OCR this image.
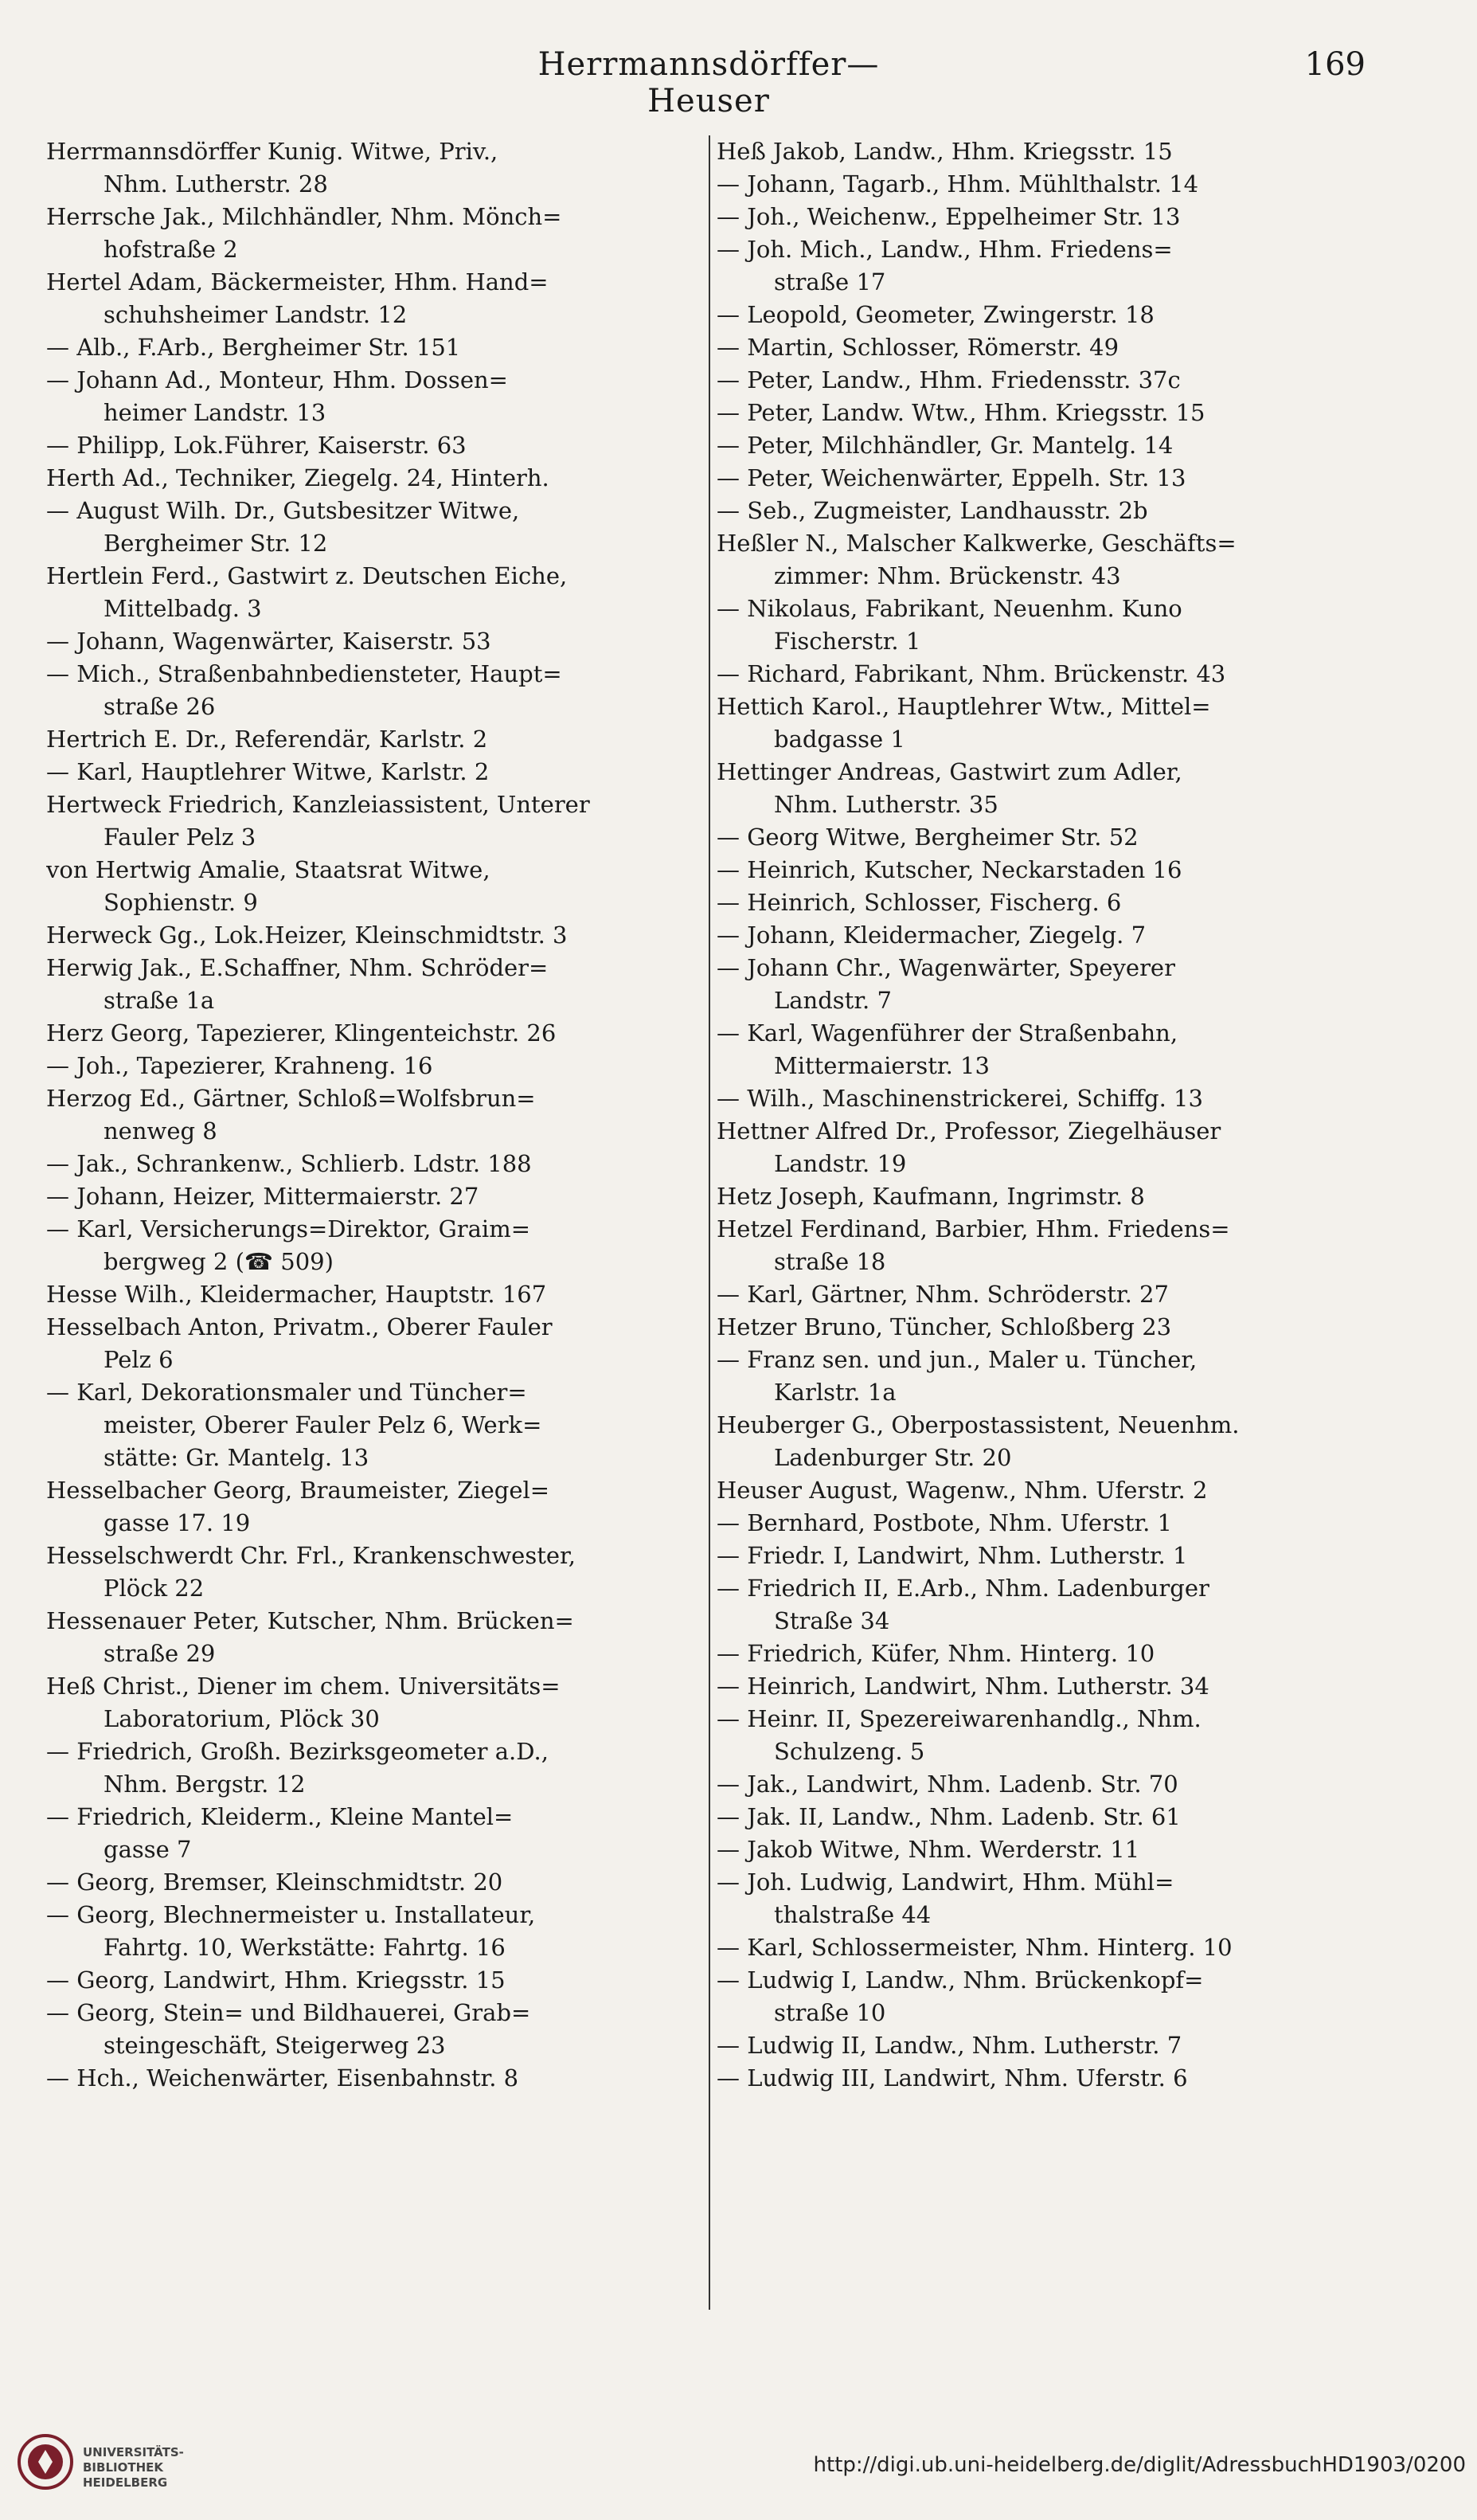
Herrmannsdörffer—Heuser
169
Herrmannsdörffer Kunig. Witwe, Priv.,
Nhm. Lutherstr. 28
Herrsche Jak., Milchhändler, Nhm. Mönch=
hofstraße 2
Hertel Adam, Bäckermeister, Hhm. Hand=
schuhsheimer Landstr. 12
— Alb., F.Arb., Bergheimer Str. 151
— Johann Ad., Monteur, Hhm. Dossen=
heimer Landstr. 13
— Philipp, Lok.Führer, Kaiserstr. 63
Herth Ad., Techniker, Ziegelg. 24, Hinterh.
— August Wilh. Dr., Gutsbesitzer Witwe,
Bergheimer Str. 12
Hertlein Ferd., Gastwirt z. Deutschen Eiche,
Mittelbadg. 3
— Johann, Wagenwärter, Kaiserstr. 53
— Mich., Straßenbahnbediensteter, Haupt=
straße 26
Hertrich E. Dr., Referendär, Karlstr. 2
— Karl, Hauptlehrer Witwe, Karlstr. 2
Hertweck Friedrich, Kanzleiassistent, Unterer
Fauler Pelz 3
von Hertwig Amalie, Staatsrat Witwe,
Sophienstr. 9
Herweck Gg., Lok.Heizer, Kleinschmidtstr. 3
Herwig Jak., E.Schaffner, Nhm. Schröder=
straße 1a
Herz Georg, Tapezierer, Klingenteichstr. 26
— Joh., Tapezierer, Krahneng. 16
Herzog Ed., Gärtner, Schloß=Wolfsbrun=
nenweg 8
— Jak., Schrankenw., Schlierb. Ldstr. 188
— Johann, Heizer, Mittermaierstr. 27
— Karl, Versicherungs=Direktor, Graim=
bergweg 2 (☎ 509)
Hesse Wilh., Kleidermacher, Hauptstr. 167
Hesselbach Anton, Privatm., Oberer Fauler
Pelz 6
— Karl, Dekorationsmaler und Tüncher=
meister, Oberer Fauler Pelz 6, Werk=
stätte: Gr. Mantelg. 13
Hesselbacher Georg, Braumeister, Ziegel=
gasse 17. 19
Hesselschwerdt Chr. Frl., Krankenschwester,
Plöck 22
Hessenauer Peter, Kutscher, Nhm. Brücken=
straße 29
Heß Christ., Diener im chem. Universitäts=
Laboratorium, Plöck 30
— Friedrich, Großh. Bezirksgeometer a.D.,
Nhm. Bergstr. 12
— Friedrich, Kleiderm., Kleine Mantel=
gasse 7
— Georg, Bremser, Kleinschmidtstr. 20
— Georg, Blechnermeister u. Installateur,
Fahrtg. 10, Werkstätte: Fahrtg. 16
— Georg, Landwirt, Hhm. Kriegsstr. 15
— Georg, Stein= und Bildhauerei, Grab=
steingeschäft, Steigerweg 23
— Hch., Weichenwärter, Eisenbahnstr. 8
Heß Jakob, Landw., Hhm. Kriegsstr. 15
— Johann, Tagarb., Hhm. Mühlthalstr. 14
— Joh., Weichenw., Eppelheimer Str. 13
— Joh. Mich., Landw., Hhm. Friedens=
straße 17
— Leopold, Geometer, Zwingerstr. 18
— Martin, Schlosser, Römerstr. 49
— Peter, Landw., Hhm. Friedensstr. 37c
— Peter, Landw. Wtw., Hhm. Kriegsstr. 15
— Peter, Milchhändler, Gr. Mantelg. 14
— Peter, Weichenwärter, Eppelh. Str. 13
— Seb., Zugmeister, Landhausstr. 2b
Heßler N., Malscher Kalkwerke, Geschäfts=
zimmer: Nhm. Brückenstr. 43
— Nikolaus, Fabrikant, Neuenhm. Kuno
Fischerstr. 1
— Richard, Fabrikant, Nhm. Brückenstr. 43
Hettich Karol., Hauptlehrer Wtw., Mittel=
badgasse 1
Hettinger Andreas, Gastwirt zum Adler,
Nhm. Lutherstr. 35
— Georg Witwe, Bergheimer Str. 52
— Heinrich, Kutscher, Neckarstaden 16
— Heinrich, Schlosser, Fischerg. 6
— Johann, Kleidermacher, Ziegelg. 7
— Johann Chr., Wagenwärter, Speyerer
Landstr. 7
— Karl, Wagenführer der Straßenbahn,
Mittermaierstr. 13
— Wilh., Maschinenstrickerei, Schiffg. 13
Hettner Alfred Dr., Professor, Ziegelhäuser
Landstr. 19
Hetz Joseph, Kaufmann, Ingrimstr. 8
Hetzel Ferdinand, Barbier, Hhm. Friedens=
straße 18
— Karl, Gärtner, Nhm. Schröderstr. 27
Hetzer Bruno, Tüncher, Schloßberg 23
— Franz sen. und jun., Maler u. Tüncher,
Karlstr. 1a
Heuberger G., Oberpostassistent, Neuenhm.
Ladenburger Str. 20
Heuser August, Wagenw., Nhm. Uferstr. 2
— Bernhard, Postbote, Nhm. Uferstr. 1
— Friedr. I, Landwirt, Nhm. Lutherstr. 1
— Friedrich II, E.Arb., Nhm. Ladenburger
Straße 34
— Friedrich, Küfer, Nhm. Hinterg. 10
— Heinrich, Landwirt, Nhm. Lutherstr. 34
— Heinr. II, Spezereiwarenhandlg., Nhm.
Schulzeng. 5
— Jak., Landwirt, Nhm. Ladenb. Str. 70
— Jak. II, Landw., Nhm. Ladenb. Str. 61
— Jakob Witwe, Nhm. Werderstr. 11
— Joh. Ludwig, Landwirt, Hhm. Mühl=
thalstraße 44
— Karl, Schlossermeister, Nhm. Hinterg. 10
— Ludwig I, Landw., Nhm. Brückenkopf=
straße 10
— Ludwig II, Landw., Nhm. Lutherstr. 7
— Ludwig III, Landwirt, Nhm. Uferstr. 6
UNIVERSITÄTS-
BIBLIOTHEK
HEIDELBERG
http://digi.ub.uni-heidelberg.de/diglit/AdressbuchHD1903/0200
